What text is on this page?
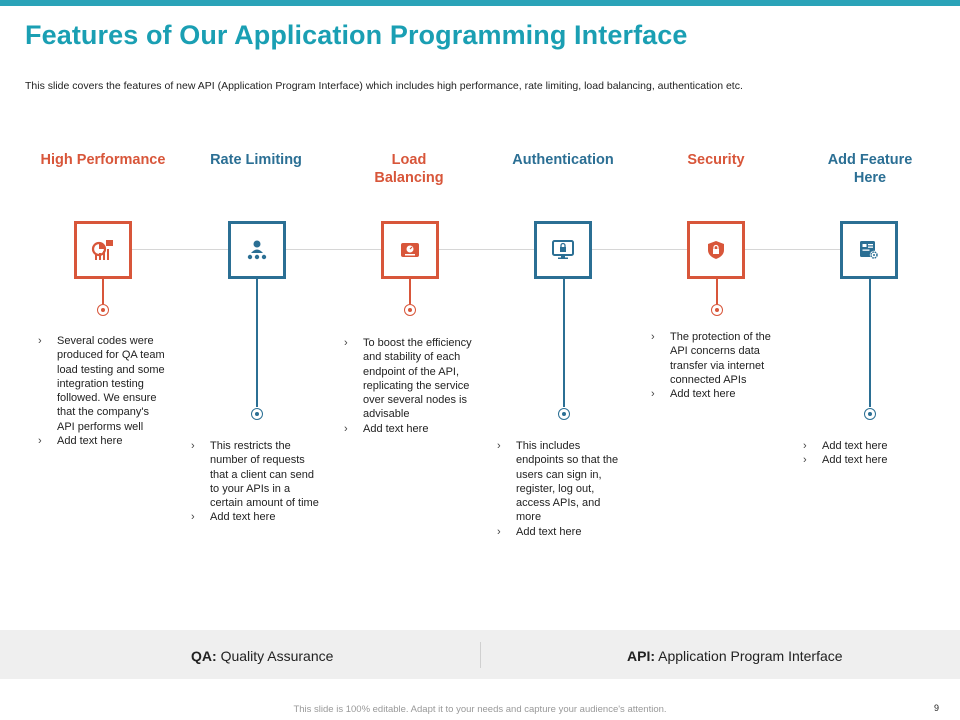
Features of Our Application Programming Interface

This slide covers the features of new API (Application Program Interface) which includes high performance, rate limiting, load balancing, authentication etc.

High Performance
› Several codes were produced for QA team load testing and some integration testing followed. We ensure that the company's API performs well
› Add text here
Rate Limiting
› This restricts the number of requests that a client can send to your APIs in a certain amount of time
› Add text here
Load Balancing
› To boost the efficiency and stability of each endpoint of the API, replicating the service over several nodes is advisable
› Add text here
Authentication
› This includes endpoints so that the users can sign in, register, log out, access APIs, and more
› Add text here
Security
› The protection of the API concerns data transfer via internet connected APIs
› Add text here
Add Feature Here
› Add text here
› Add text here
QA: Quality Assurance	API: Application Program Interface
This slide is 100% editable. Adapt it to your needs and capture your audience's attention.	9
